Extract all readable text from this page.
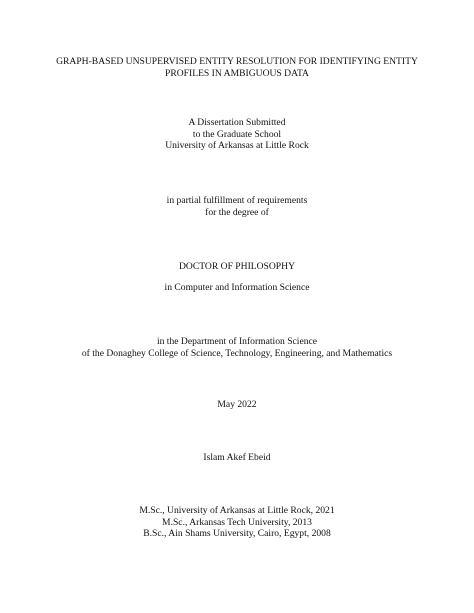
GRAPH-BASED UNSUPERVISED ENTITY RESOLUTION FOR IDENTIFYING ENTITY
PROFILES IN AMBIGUOUS DATA
A Dissertation Submitted
to the Graduate School
University of Arkansas at Little Rock
in partial fulfillment of requirements
for the degree of
DOCTOR OF PHILOSOPHY
in Computer and Information Science
in the Department of Information Science
of the Donaghey College of Science, Technology, Engineering, and Mathematics
May 2022
Islam Akef Ebeid
M.Sc., University of Arkansas at Little Rock, 2021
M.Sc., Arkansas Tech University, 2013
B.Sc., Ain Shams University, Cairo, Egypt, 2008
